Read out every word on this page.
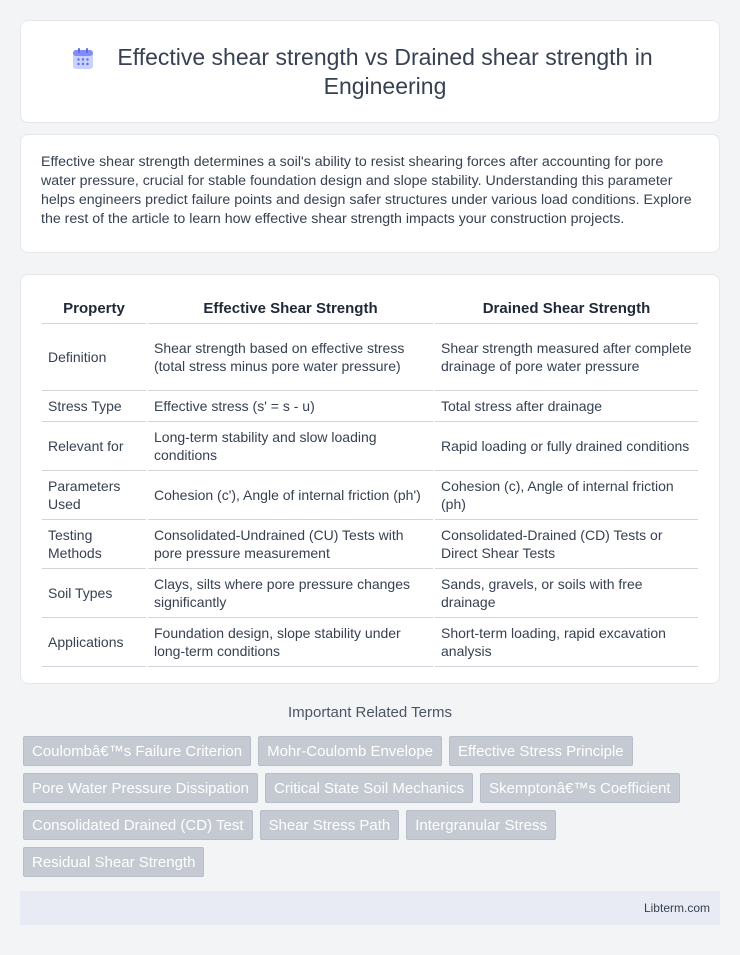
Effective shear strength vs Drained shear strength in Engineering

Effective shear strength determines a soil's ability to resist shearing forces after accounting for pore water pressure, crucial for stable foundation design and slope stability. Understanding this parameter helps engineers predict failure points and design safer structures under various load conditions. Explore the rest of the article to learn how effective shear strength impacts your construction projects.

Property	Effective Shear Strength	Drained Shear Strength
Definition	Shear strength based on effective stress (total stress minus pore water pressure)	Shear strength measured after complete drainage of pore water pressure
Stress Type	Effective stress (s' = s - u)	Total stress after drainage
Relevant for	Long-term stability and slow loading conditions	Rapid loading or fully drained conditions
Parameters Used	Cohesion (c'), Angle of internal friction (ph')	Cohesion (c), Angle of internal friction (ph)
Testing Methods	Consolidated-Undrained (CU) Tests with pore pressure measurement	Consolidated-Drained (CD) Tests or Direct Shear Tests
Soil Types	Clays, silts where pore pressure changes significantly	Sands, gravels, or soils with free drainage
Applications	Foundation design, slope stability under long-term conditions	Short-term loading, rapid excavation analysis
Important Related Terms
Coulombâ€™s Failure Criterion	Mohr-Coulomb Envelope	Effective Stress Principle
Pore Water Pressure Dissipation	Critical State Soil Mechanics	Skemptonâ€™s Coefficient
Consolidated Drained (CD) Test	Shear Stress Path	Intergranular Stress
Residual Shear Strength
Libterm.com
